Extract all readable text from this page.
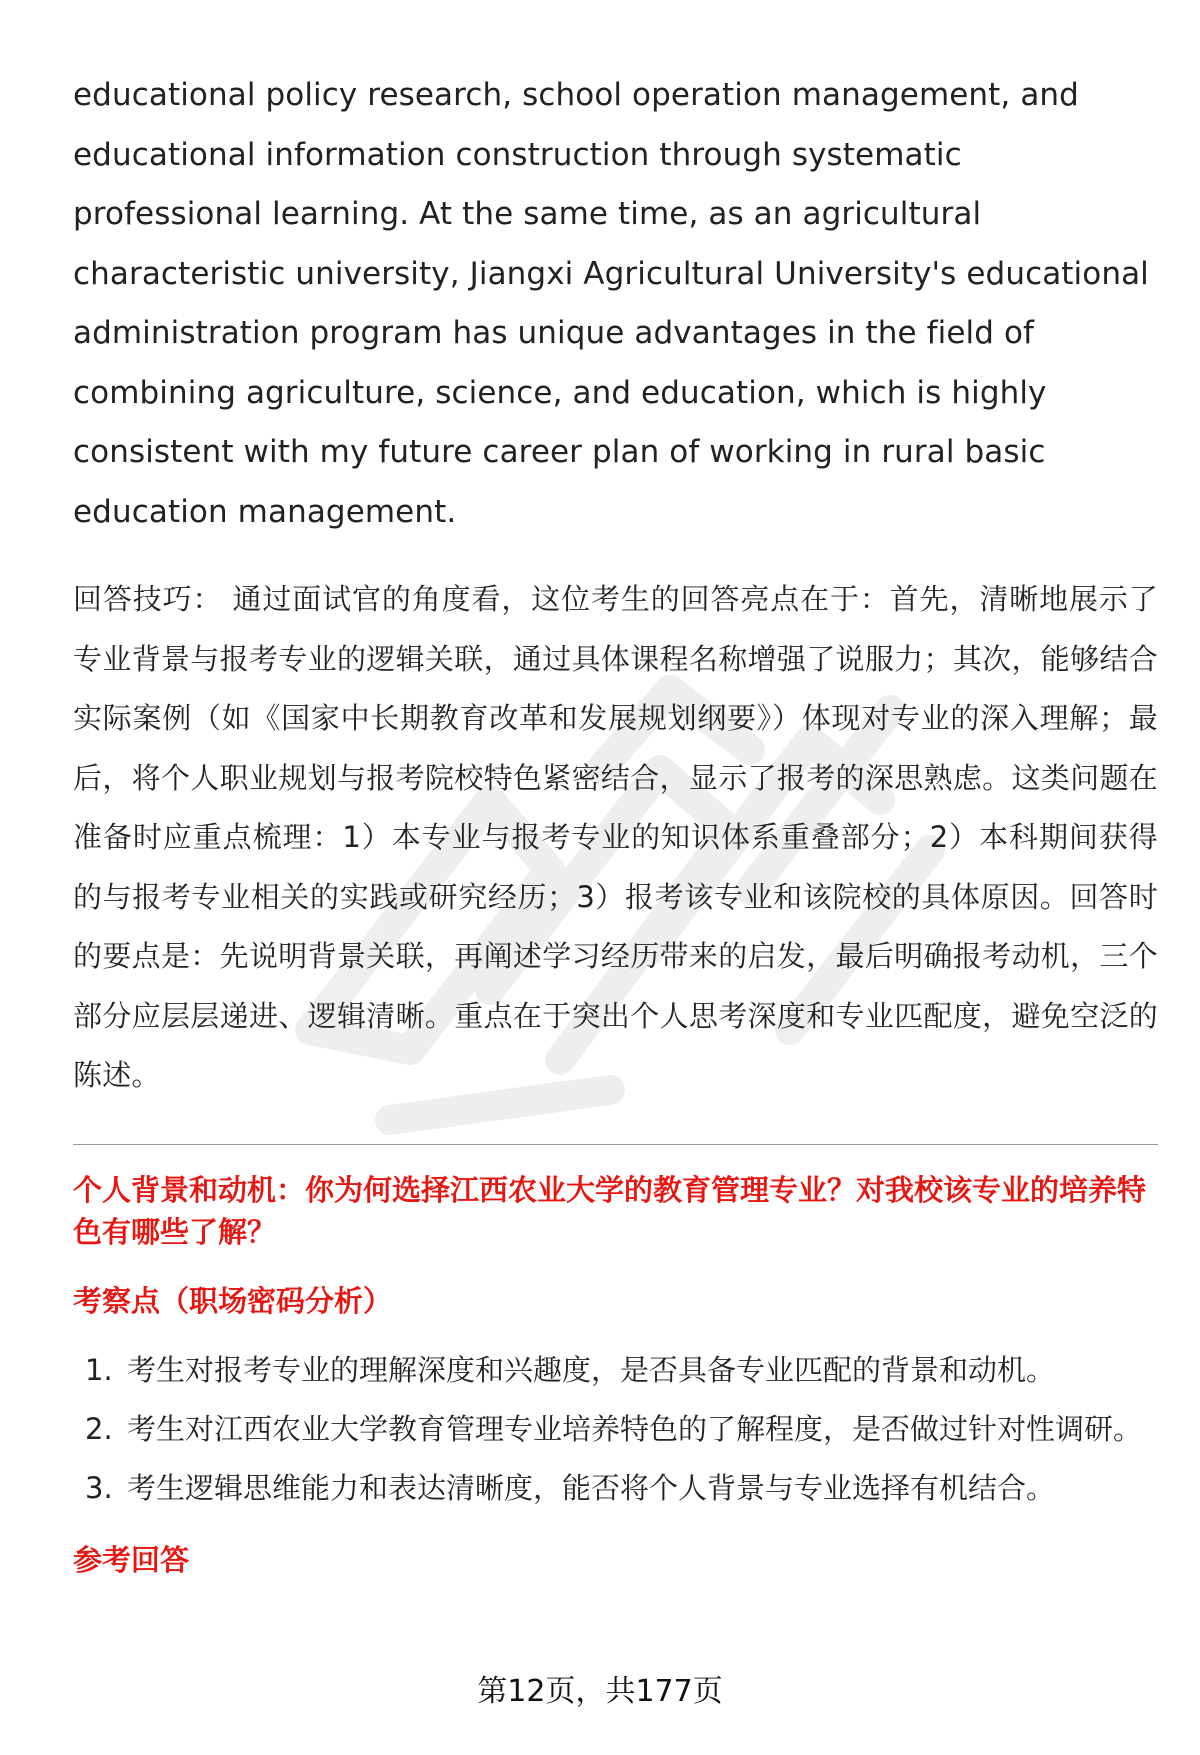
educational policy research, school operation management, and educational information construction through systematic professional learning. At the same time, as an agricultural characteristic university, Jiangxi Agricultural University's educational administration program has unique advantages in the field of combining agriculture, science, and education, which is highly consistent with my future career plan of working in rural basic education management.

回答技巧： 通过面试官的角度看，这位考生的回答亮点在于：首先，清晰地展示了专业背景与报考专业的逻辑关联，通过具体课程名称增强了说服力；其次，能够结合实际案例（如《国家中长期教育改革和发展规划纲要》）体现对专业的深入理解；最后，将个人职业规划与报考院校特色紧密结合，显示了报考的深思熟虑。这类问题在准备时应重点梳理：1）本专业与报考专业的知识体系重叠部分；2）本科期间获得的与报考专业相关的实践或研究经历；3）报考该专业和该院校的具体原因。回答时的要点是：先说明背景关联，再阐述学习经历带来的启发，最后明确报考动机，三个部分应层层递进、逻辑清晰。重点在于突出个人思考深度和专业匹配度，避免空泛的陈述。

个人背景和动机：你为何选择江西农业大学的教育管理专业？对我校该专业的培养特色有哪些了解？
考察点（职场密码分析）
1. 考生对报考专业的理解深度和兴趣度，是否具备专业匹配的背景和动机。
2. 考生对江西农业大学教育管理专业培养特色的了解程度，是否做过针对性调研。
3. 考生逻辑思维能力和表达清晰度，能否将个人背景与专业选择有机结合。
参考回答
第12页，共177页
